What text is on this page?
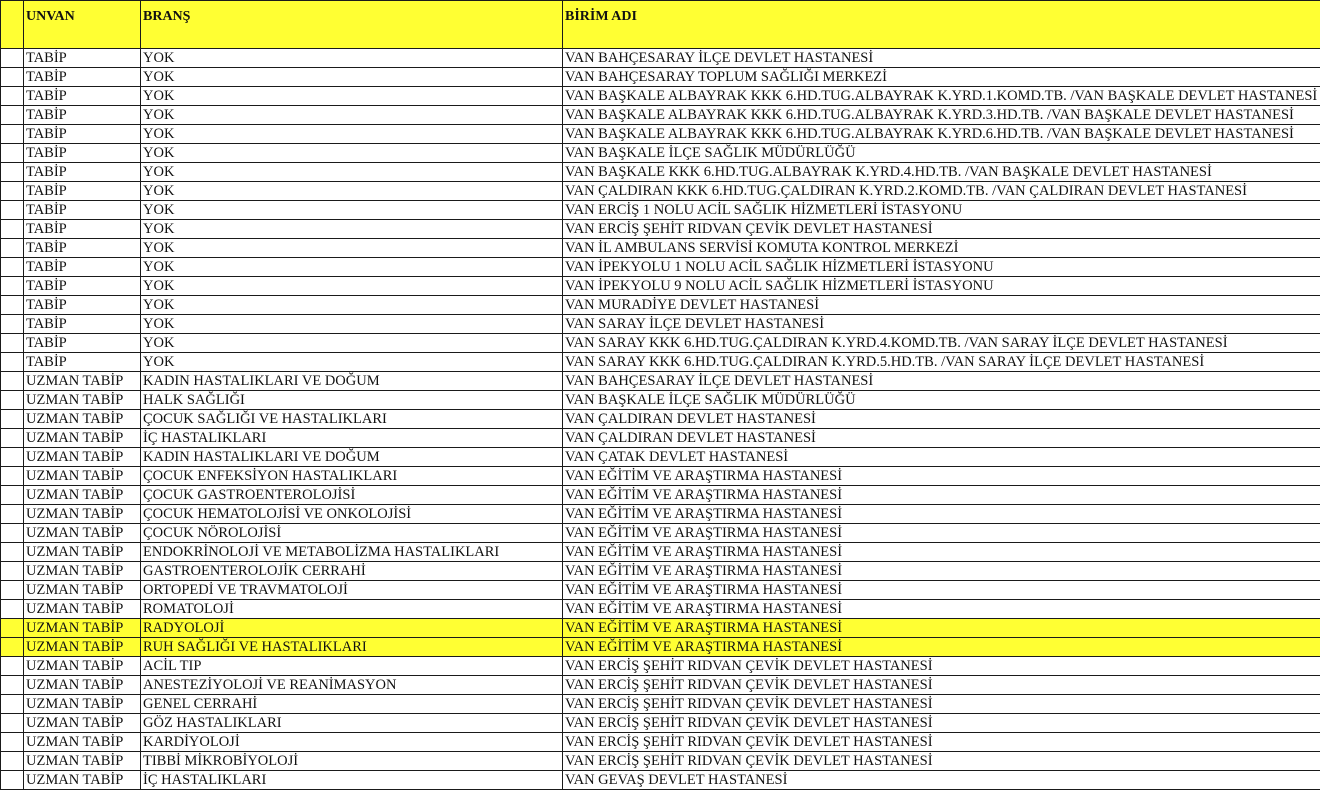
	UNVAN	BRANŞ	BİRİM ADI
	TABİP	YOK	VAN BAHÇESARAY İLÇE DEVLET HASTANESİ
	TABİP	YOK	VAN BAHÇESARAY TOPLUM SAĞLIĞI MERKEZİ
	TABİP	YOK	VAN BAŞKALE ALBAYRAK KKK 6.HD.TUG.ALBAYRAK K.YRD.1.KOMD.TB. /VAN BAŞKALE DEVLET HASTANESİ
	TABİP	YOK	VAN BAŞKALE ALBAYRAK KKK 6.HD.TUG.ALBAYRAK K.YRD.3.HD.TB. /VAN BAŞKALE DEVLET HASTANESİ
	TABİP	YOK	VAN BAŞKALE ALBAYRAK KKK 6.HD.TUG.ALBAYRAK K.YRD.6.HD.TB. /VAN BAŞKALE DEVLET HASTANESİ
	TABİP	YOK	VAN BAŞKALE İLÇE SAĞLIK MÜDÜRLÜĞÜ
	TABİP	YOK	VAN BAŞKALE KKK 6.HD.TUG.ALBAYRAK K.YRD.4.HD.TB. /VAN BAŞKALE DEVLET HASTANESİ
	TABİP	YOK	VAN ÇALDIRAN KKK 6.HD.TUG.ÇALDIRAN K.YRD.2.KOMD.TB. /VAN ÇALDIRAN DEVLET HASTANESİ
	TABİP	YOK	VAN ERCİŞ 1 NOLU ACİL SAĞLIK HİZMETLERİ İSTASYONU
	TABİP	YOK	VAN ERCİŞ ŞEHİT RIDVAN ÇEVİK DEVLET HASTANESİ
	TABİP	YOK	VAN İL AMBULANS SERVİSİ KOMUTA KONTROL MERKEZİ
	TABİP	YOK	VAN İPEKYOLU 1 NOLU ACİL SAĞLIK HİZMETLERİ İSTASYONU
	TABİP	YOK	VAN İPEKYOLU 9 NOLU ACİL SAĞLIK HİZMETLERİ İSTASYONU
	TABİP	YOK	VAN MURADİYE DEVLET HASTANESİ
	TABİP	YOK	VAN SARAY İLÇE DEVLET HASTANESİ
	TABİP	YOK	VAN SARAY KKK 6.HD.TUG.ÇALDIRAN K.YRD.4.KOMD.TB. /VAN SARAY İLÇE DEVLET HASTANESİ
	TABİP	YOK	VAN SARAY KKK 6.HD.TUG.ÇALDIRAN K.YRD.5.HD.TB. /VAN SARAY İLÇE DEVLET HASTANESİ
	UZMAN TABİP	KADIN HASTALIKLARI VE DOĞUM	VAN BAHÇESARAY İLÇE DEVLET HASTANESİ
	UZMAN TABİP	HALK SAĞLIĞI	VAN BAŞKALE İLÇE SAĞLIK MÜDÜRLÜĞÜ
	UZMAN TABİP	ÇOCUK SAĞLIĞI VE HASTALIKLARI	VAN ÇALDIRAN DEVLET HASTANESİ
	UZMAN TABİP	İÇ HASTALIKLARI	VAN ÇALDIRAN DEVLET HASTANESİ
	UZMAN TABİP	KADIN HASTALIKLARI VE DOĞUM	VAN ÇATAK DEVLET HASTANESİ
	UZMAN TABİP	ÇOCUK ENFEKSİYON HASTALIKLARI	VAN EĞİTİM VE ARAŞTIRMA HASTANESİ
	UZMAN TABİP	ÇOCUK GASTROENTEROLOJİSİ	VAN EĞİTİM VE ARAŞTIRMA HASTANESİ
	UZMAN TABİP	ÇOCUK HEMATOLOJİSİ VE ONKOLOJİSİ	VAN EĞİTİM VE ARAŞTIRMA HASTANESİ
	UZMAN TABİP	ÇOCUK NÖROLOJİSİ	VAN EĞİTİM VE ARAŞTIRMA HASTANESİ
	UZMAN TABİP	ENDOKRİNOLOJİ VE METABOLİZMA HASTALIKLARI	VAN EĞİTİM VE ARAŞTIRMA HASTANESİ
	UZMAN TABİP	GASTROENTEROLOJİK CERRAHİ	VAN EĞİTİM VE ARAŞTIRMA HASTANESİ
	UZMAN TABİP	ORTOPEDİ VE TRAVMATOLOJİ	VAN EĞİTİM VE ARAŞTIRMA HASTANESİ
	UZMAN TABİP	ROMATOLOJİ	VAN EĞİTİM VE ARAŞTIRMA HASTANESİ
	UZMAN TABİP	RADYOLOJİ	VAN EĞİTİM VE ARAŞTIRMA HASTANESİ
	UZMAN TABİP	RUH SAĞLIĞI VE HASTALIKLARI	VAN EĞİTİM VE ARAŞTIRMA HASTANESİ
	UZMAN TABİP	ACİL TIP	VAN ERCİŞ ŞEHİT RIDVAN ÇEVİK DEVLET HASTANESİ
	UZMAN TABİP	ANESTEZİYOLOJİ VE REANİMASYON	VAN ERCİŞ ŞEHİT RIDVAN ÇEVİK DEVLET HASTANESİ
	UZMAN TABİP	GENEL CERRAHİ	VAN ERCİŞ ŞEHİT RIDVAN ÇEVİK DEVLET HASTANESİ
	UZMAN TABİP	GÖZ HASTALIKLARI	VAN ERCİŞ ŞEHİT RIDVAN ÇEVİK DEVLET HASTANESİ
	UZMAN TABİP	KARDİYOLOJİ	VAN ERCİŞ ŞEHİT RIDVAN ÇEVİK DEVLET HASTANESİ
	UZMAN TABİP	TIBBİ MİKROBİYOLOJİ	VAN ERCİŞ ŞEHİT RIDVAN ÇEVİK DEVLET HASTANESİ
	UZMAN TABİP	İÇ HASTALIKLARI	VAN GEVAŞ DEVLET HASTANESİ
